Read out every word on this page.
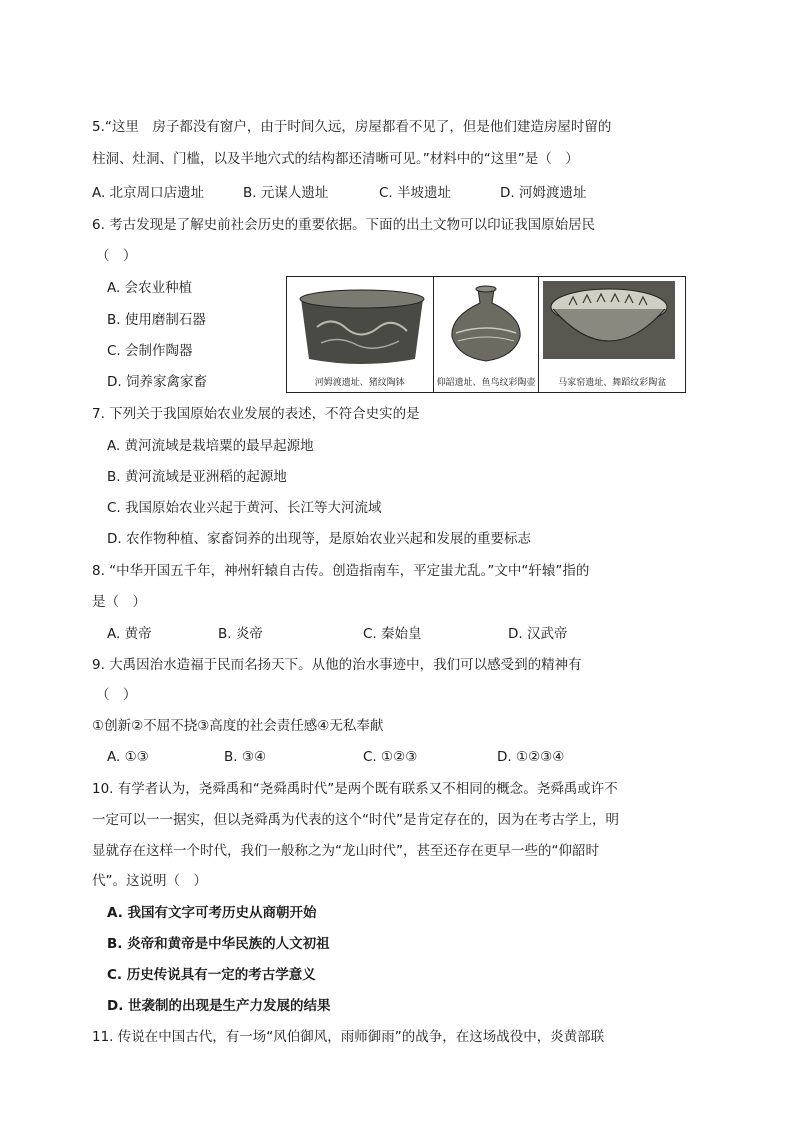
5.“这里　房子都没有窗户，由于时间久远，房屋都看不见了，但是他们建造房屋时留的
柱洞、灶洞、门槛，以及半地穴式的结构都还清晰可见。”材料中的“这里”是（　）
A. 北京周口店遗址	B. 元谋人遗址	C. 半坡遗址	D. 河姆渡遗址
6. 考古发现是了解史前社会历史的重要依据。下面的出土文物可以印证我国原始居民
（　）
A. 会农业种植
B. 使用磨制石器
C. 会制作陶器
D. 饲养家禽家畜	河姆渡遗址、猪纹陶钵	仰韶遗址、鱼鸟纹彩陶壶	马家窑遗址、舞蹈纹彩陶盆
7. 下列关于我国原始农业发展的表述，不符合史实的是
A. 黄河流域是栽培粟的最早起源地
B. 黄河流域是亚洲稻的起源地
C. 我国原始农业兴起于黄河、长江等大河流域
D. 农作物种植、家畜饲养的出现等，是原始农业兴起和发展的重要标志
8. “中华开国五千年，神州轩辕自古传。创造指南车，平定蚩尤乱。”文中“轩辕”指的
是（　）
A. 黄帝	B. 炎帝	C. 秦始皇	D. 汉武帝
9. 大禹因治水造福于民而名扬天下。从他的治水事迹中，我们可以感受到的精神有
（　）
①创新②不屈不挠③高度的社会责任感④无私奉献
A. ①③	B. ③④	C. ①②③	D. ①②③④
10. 有学者认为，尧舜禹和“尧舜禹时代”是两个既有联系又不相同的概念。尧舜禹或许不
一定可以一一据实，但以尧舜禹为代表的这个“时代”是肯定存在的，因为在考古学上，明
显就存在这样一个时代，我们一般称之为“龙山时代”，甚至还存在更早一些的“仰韶时
代”。这说明（　）
A. 我国有文字可考历史从商朝开始
B. 炎帝和黄帝是中华民族的人文初祖
C. 历史传说具有一定的考古学意义
D. 世袭制的出现是生产力发展的结果
11. 传说在中国古代，有一场“风伯御风，雨师御雨”的战争，在这场战役中，炎黄部联
